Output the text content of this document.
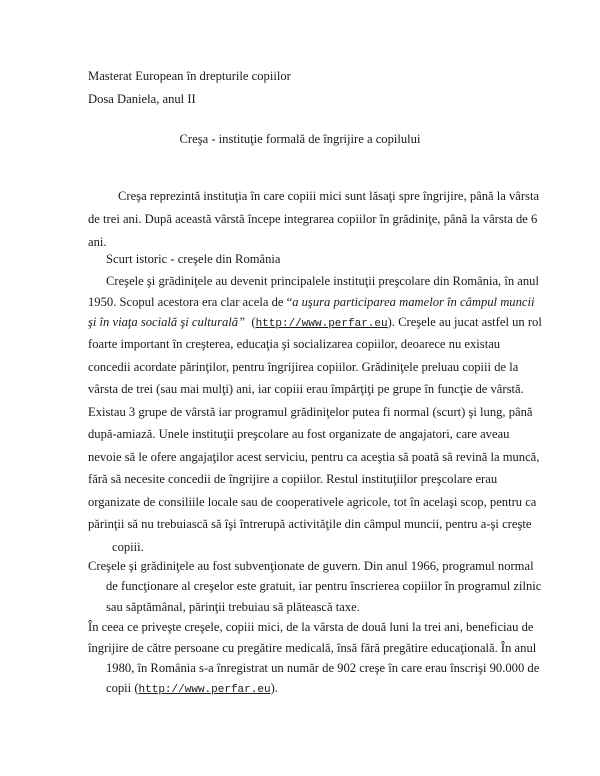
Masterat European în drepturile copiilor
Dosa Daniela, anul II
Creşa - instituţie formală de îngrijire a copilului
Creşa reprezintă instituţia în care copiii mici sunt lăsaţi spre îngrijire, până la vârsta
de trei ani. După această vârstă începe integrarea copiilor în grădiniţe, până la vârsta de 6
ani.
Scurt istoric - creşele din România
Creşele şi grădiniţele au devenit principalele instituţii preşcolare din România, în anul
1950. Scopul acestora era clar acela de “a uşura participarea mamelor în câmpul muncii
şi în viaţa socială şi culturală” (http://www.perfar.eu). Creşele au jucat astfel un rol
foarte important în creşterea, educaţia şi socializarea copiilor, deoarece nu existau
concedii acordate părinţilor, pentru îngrijirea copiilor. Grădiniţele preluau copiii de la
vârsta de trei (sau mai mulţi) ani, iar copiii erau împărţiţi pe grupe în funcţie de vârstă.
Existau 3 grupe de vârstă iar programul grădiniţelor putea fi normal (scurt) şi lung, până
după-amiază. Unele instituţii preşcolare au fost organizate de angajatori, care aveau
nevoie să le ofere angajaţilor acest serviciu, pentru ca aceştia să poată să revină la muncă,
fără să necesite concedii de îngrijire a copiilor. Restul instituţiilor preşcolare erau
organizate de consiliile locale sau de cooperativele agricole, tot în acelaşi scop, pentru ca
părinţii să nu trebuiască să îşi întrerupă activităţile din câmpul muncii, pentru a-şi creşte
copiii.
Creşele şi grădiniţele au fost subvenţionate de guvern. Din anul 1966, programul normal
de funcţionare al creşelor este gratuit, iar pentru înscrierea copiilor în programul zilnic
sau săptămânal, părinţii trebuiau să plătească taxe.
În ceea ce priveşte creşele, copiii mici, de la vârsta de două luni la trei ani, beneficiau de
îngrijire de către persoane cu pregătire medicală, însă fără pregătire educaţională. În anul
1980, în România s-a înregistrat un număr de 902 creşe în care erau înscrişi 90.000 de
copii (http://www.perfar.eu).
